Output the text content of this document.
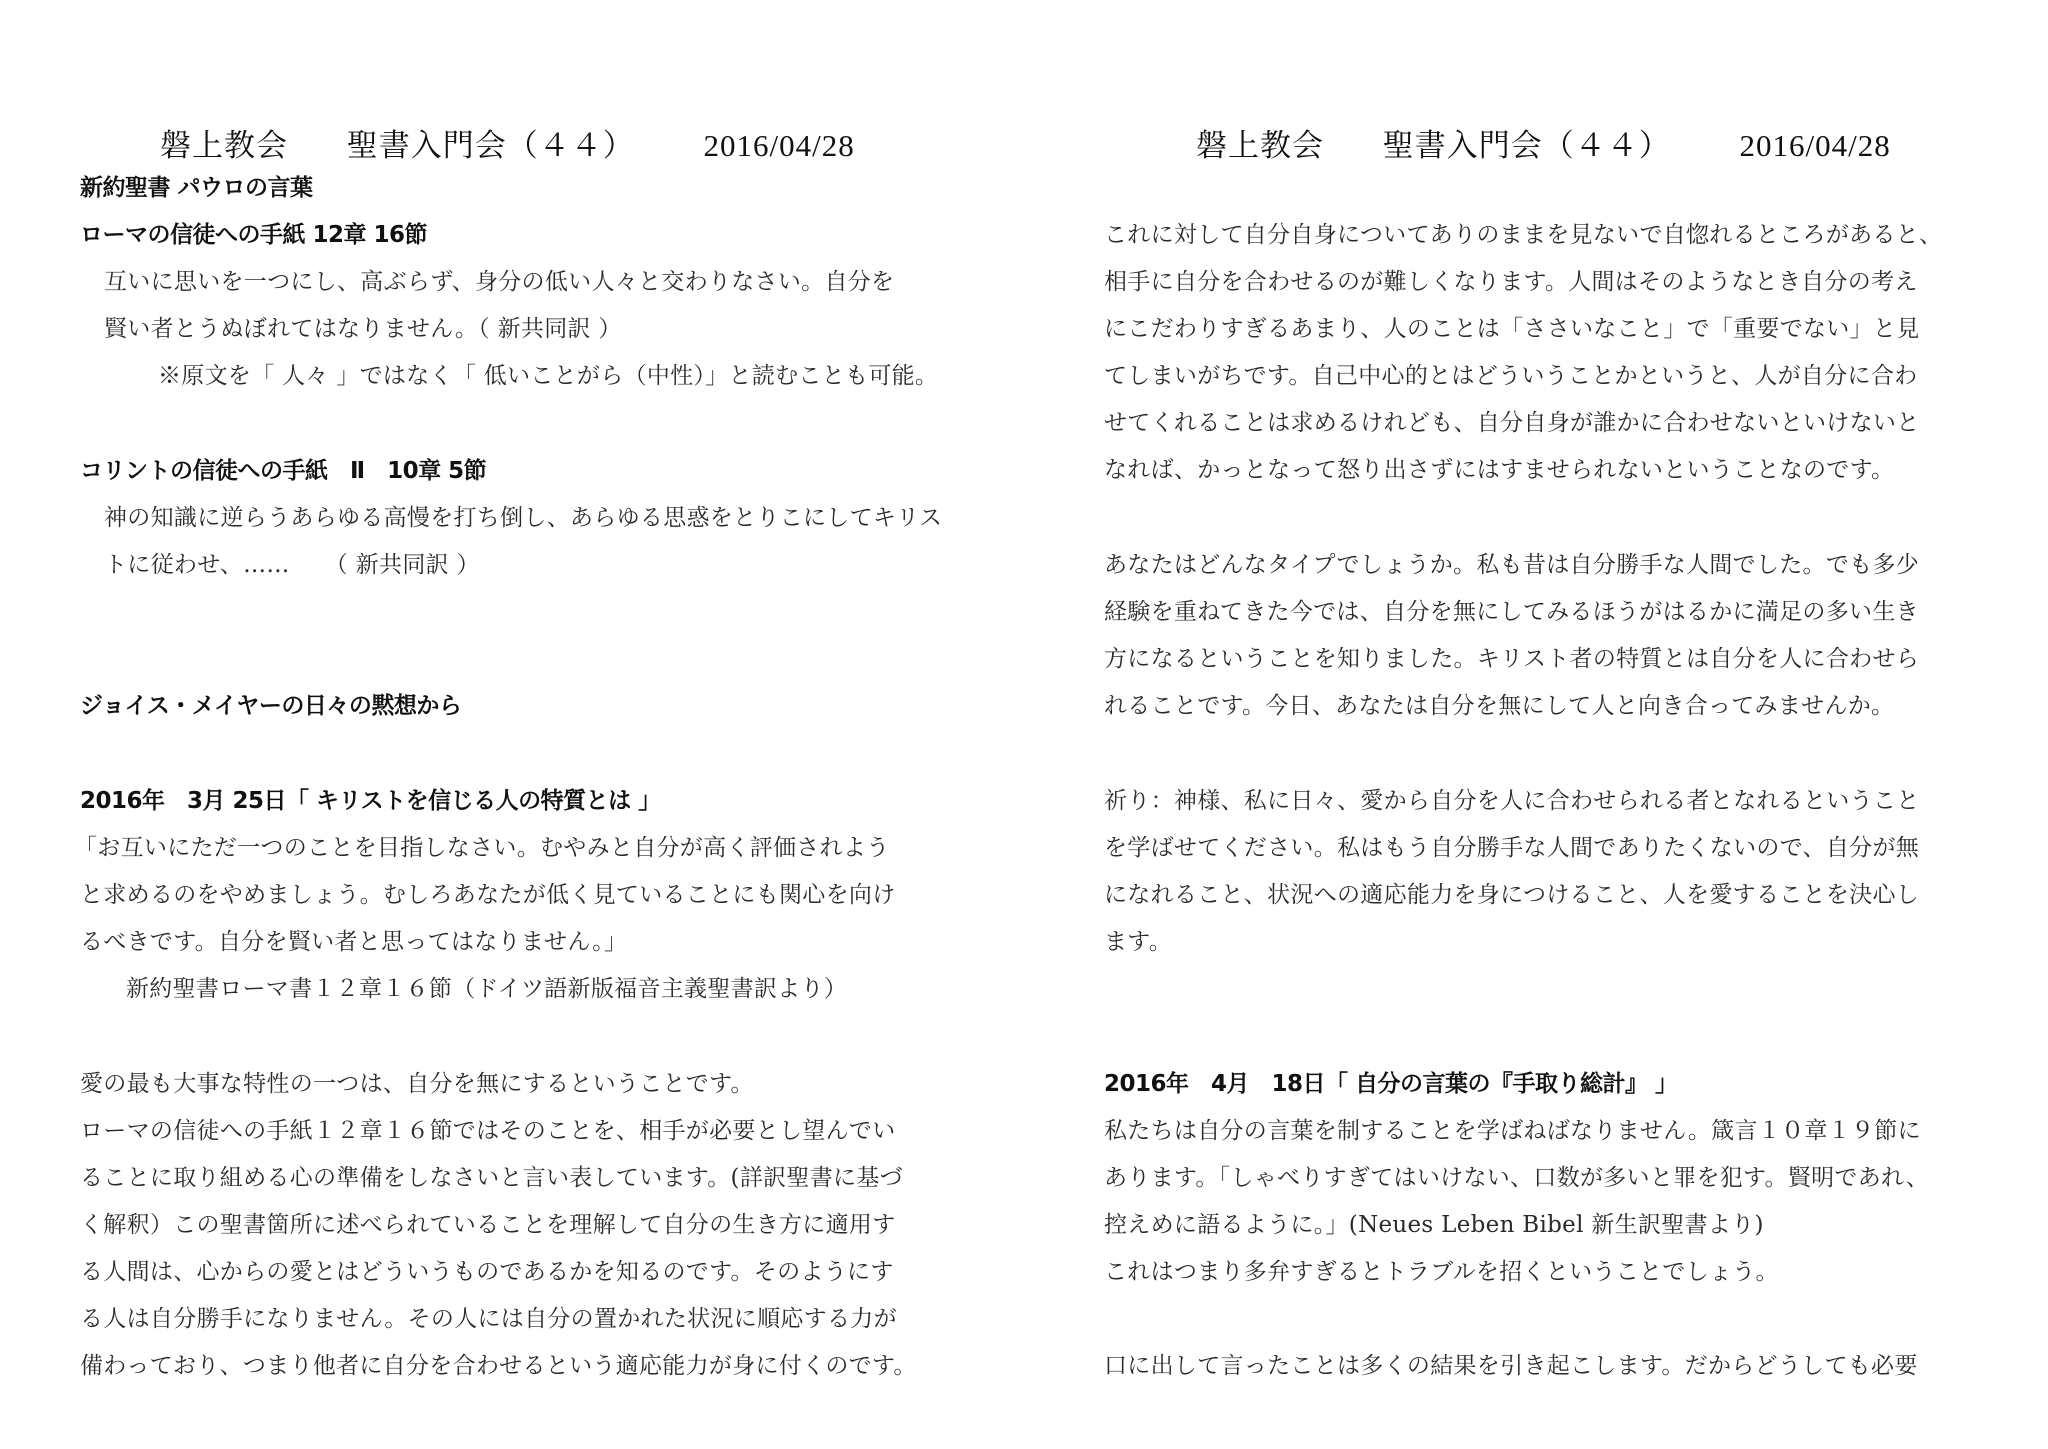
磐上教会 聖書入門会（４４） 2016/04/28
新約聖書 パウロの言葉
ローマの信徒への手紙 12章 16節
互いに思いを一つにし、高ぶらず、身分の低い人々と交わりなさい。自分を
賢い者とうぬぼれてはなりません。（ 新共同訳 ）
※原文を「 人々 」ではなく「 低いことがら（中性）」と読むことも可能。
コリントの信徒への手紙　Ⅱ　10章 5節
神の知識に逆らうあらゆる高慢を打ち倒し、あらゆる思惑をとりこにしてキリス
トに従わせ、……　　（ 新共同訳 ）
ジョイス・メイヤーの日々の黙想から
2016年　3月 25日「 キリストを信じる人の特質とは 」
「お互いにただ一つのことを目指しなさい。むやみと自分が高く評価されよう
と求めるのをやめましょう。むしろあなたが低く見ていることにも関心を向け
るべきです。自分を賢い者と思ってはなりません。」
新約聖書ローマ書１２章１６節（ドイツ語新版福音主義聖書訳より）
愛の最も大事な特性の一つは、自分を無にするということです。
ローマの信徒への手紙１２章１６節ではそのことを、相手が必要とし望んでい
ることに取り組める心の準備をしなさいと言い表しています。(詳訳聖書に基づ
く解釈）この聖書箇所に述べられていることを理解して自分の生き方に適用す
る人間は、心からの愛とはどういうものであるかを知るのです。そのようにす
る人は自分勝手になりません。その人には自分の置かれた状況に順応する力が
備わっており、つまり他者に自分を合わせるという適応能力が身に付くのです。
磐上教会 聖書入門会（４４） 2016/04/28
これに対して自分自身についてありのままを見ないで自惚れるところがあると、
相手に自分を合わせるのが難しくなります。人間はそのようなとき自分の考え
にこだわりすぎるあまり、人のことは「ささいなこと」で「重要でない」と見
てしまいがちです。自己中心的とはどういうことかというと、人が自分に合わ
せてくれることは求めるけれども、自分自身が誰かに合わせないといけないと
なれば、かっとなって怒り出さずにはすませられないということなのです。
あなたはどんなタイプでしょうか。私も昔は自分勝手な人間でした。でも多少
経験を重ねてきた今では、自分を無にしてみるほうがはるかに満足の多い生き
方になるということを知りました。キリスト者の特質とは自分を人に合わせら
れることです。今日、あなたは自分を無にして人と向き合ってみませんか。
祈り：神様、私に日々、愛から自分を人に合わせられる者となれるということ
を学ばせてください。私はもう自分勝手な人間でありたくないので、自分が無
になれること、状況への適応能力を身につけること、人を愛することを決心し
ます。
2016年　4月　18日「 自分の言葉の『手取り総計』 」
私たちは自分の言葉を制することを学ばねばなりません。箴言１０章１９節に
あります。「しゃべりすぎてはいけない、口数が多いと罪を犯す。賢明であれ、
控えめに語るように。」(Neues Leben Bibel 新生訳聖書より)
これはつまり多弁すぎるとトラブルを招くということでしょう。
口に出して言ったことは多くの結果を引き起こします。だからどうしても必要
